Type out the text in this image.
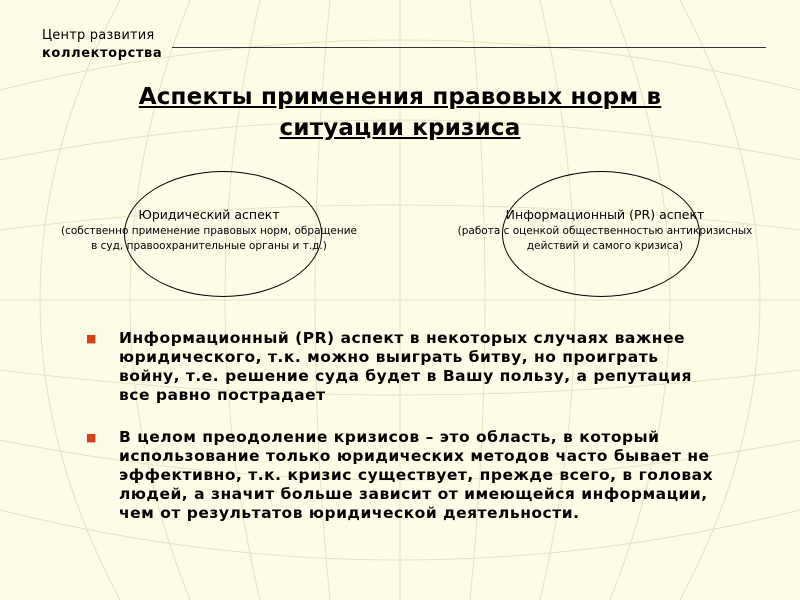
Центр развития
коллекторства
Аспекты применения правовых норм в
ситуации кризиса
Юридический аспект
(собственно применение правовых норм, обращение
в суд, правоохранительные органы и т.д.)
Информационный (PR) аспект
(работа с оценкой общественностью антикризисных
действий и самого кризиса)
■	Информационный (PR) аспект в некоторых случаях важнее юридического, т.к. можно выиграть битву, но проиграть войну, т.е. решение суда будет в Вашу пользу, а репутация все равно пострадает
■	В целом преодоление кризисов – это область, в который использование только юридических методов часто бывает не эффективно, т.к. кризис существует, прежде всего, в головах людей, а значит больше зависит от имеющейся информации, чем от результатов юридической деятельности.
